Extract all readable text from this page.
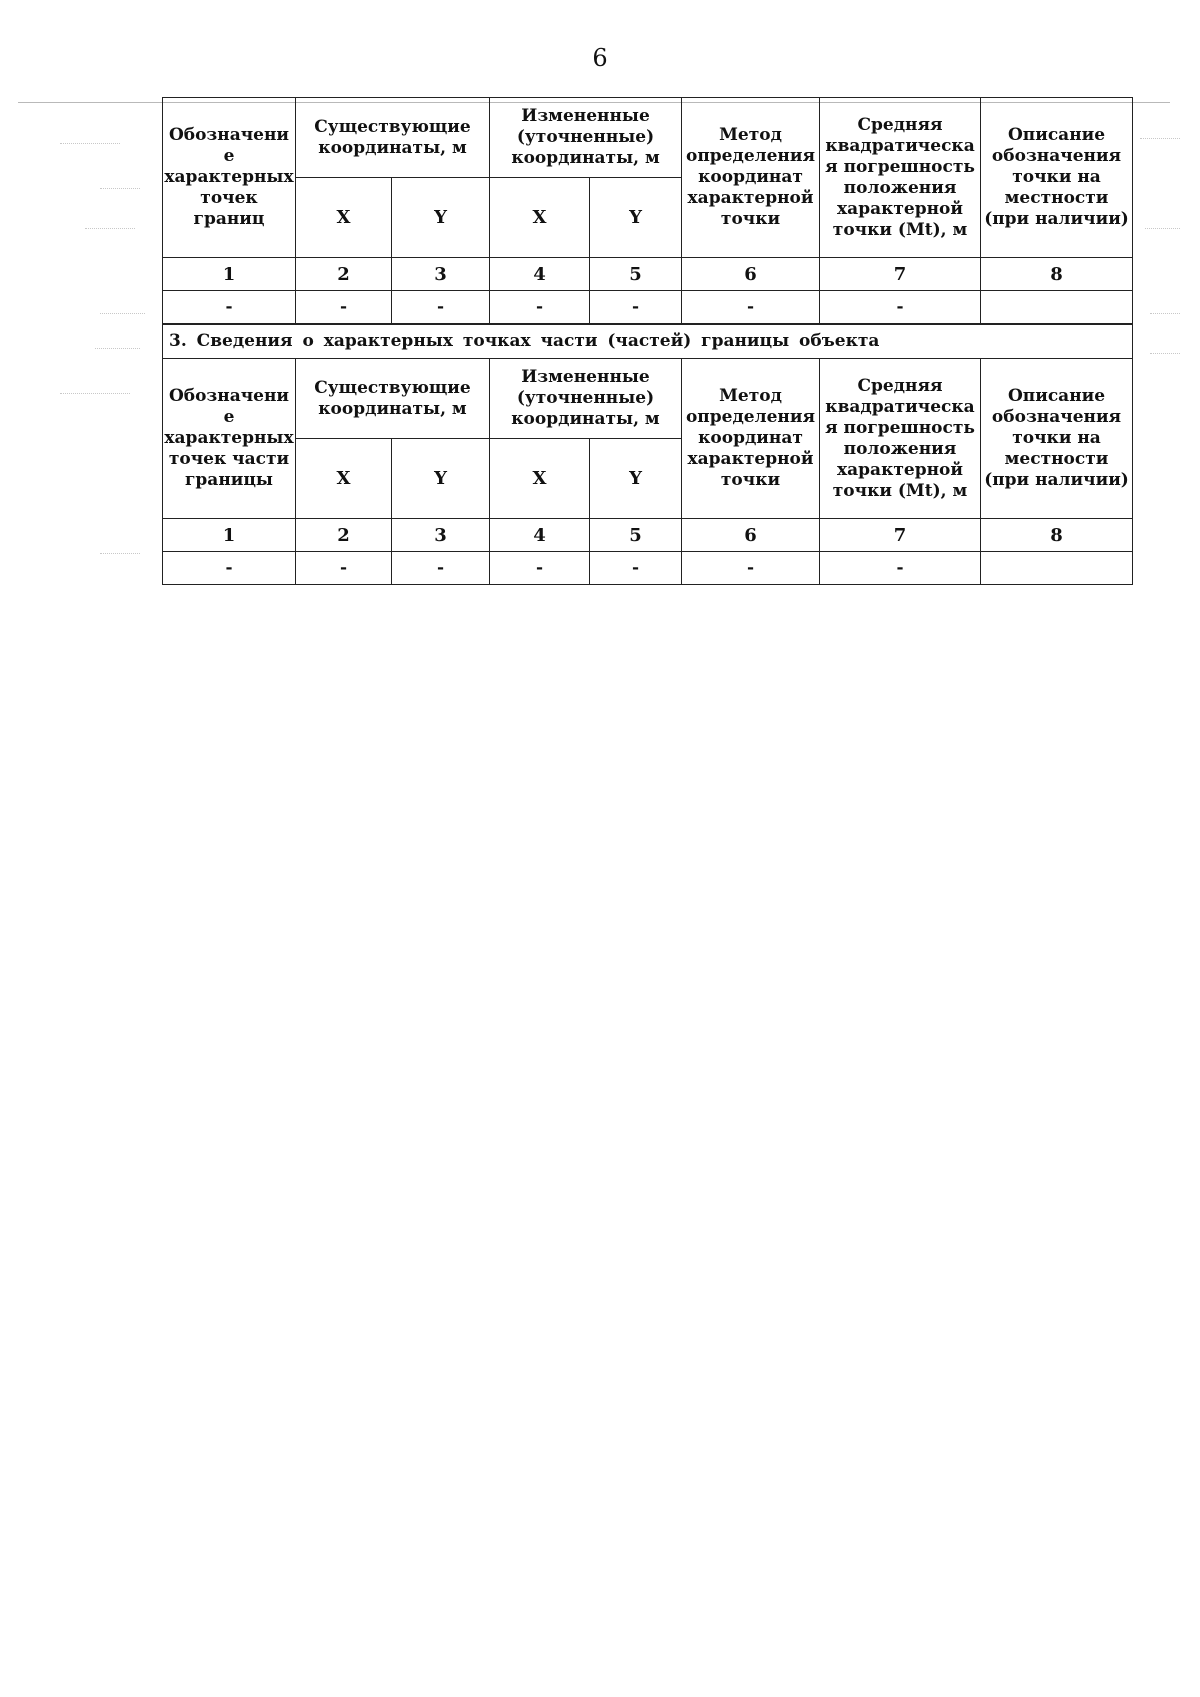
6
Обозначение характерных точек границ	Существующие координаты, м		Измененные (уточненные) координаты, м		Метод определения координат характерной точки	Средняя квадратическая погрешность положения характерной точки (Mt), м	Описание обозначения точки на местности (при наличии)
	X	Y	X	Y			
1	2	3	4	5	6	7	8
-	-	-	-	-	-	-	
3. Сведения о характерных точках части (частей) границы объекта							
Обозначение характерных точек части границы	Существующие координаты, м		Измененные (уточненные) координаты, м		Метод определения координат характерной точки	Средняя квадратическая погрешность положения характерной точки (Mt), м	Описание обозначения точки на местности (при наличии)
	X	Y	X	Y			
1	2	3	4	5	6	7	8
-	-	-	-	-	-	-	
